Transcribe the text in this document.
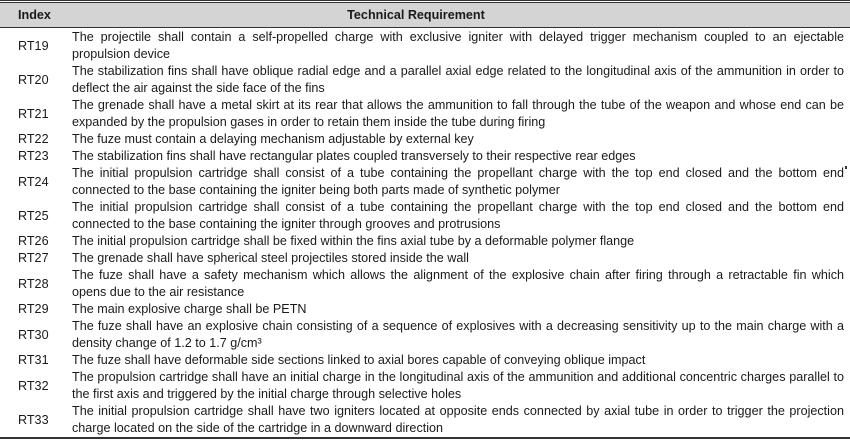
Index	Technical Requirement
RT19	The projectile shall contain a self-propelled charge with exclusive igniter with delayed trigger mechanism coupled to an ejectable propulsion device
RT20	The stabilization fins shall have oblique radial edge and a parallel axial edge related to the longitudinal axis of the ammunition in order to deflect the air against the side face of the fins
RT21	The grenade shall have a metal skirt at its rear that allows the ammunition to fall through the tube of the weapon and whose end can be expanded by the propulsion gases in order to retain them inside the tube during firing
RT22	The fuze must contain a delaying mechanism adjustable by external key
RT23	The stabilization fins shall have rectangular plates coupled transversely to their respective rear edges
RT24	The initial propulsion cartridge shall consist of a tube containing the propellant charge with the top end closed and the bottom end connected to the base containing the igniter being both parts made of synthetic polymer
RT25	The initial propulsion cartridge shall consist of a tube containing the propellant charge with the top end closed and the bottom end connected to the base containing the igniter through grooves and protrusions
RT26	The initial propulsion cartridge shall be fixed within the fins axial tube by a deformable polymer flange
RT27	The grenade shall have spherical steel projectiles stored inside the wall
RT28	The fuze shall have a safety mechanism which allows the alignment of the explosive chain after firing through a retractable fin which opens due to the air resistance
RT29	The main explosive charge shall be PETN
RT30	The fuze shall have an explosive chain consisting of a sequence of explosives with a decreasing sensitivity up to the main charge with a density change of 1.2 to 1.7 g/cm³
RT31	The fuze shall have deformable side sections linked to axial bores capable of conveying oblique impact
RT32	The propulsion cartridge shall have an initial charge in the longitudinal axis of the ammunition and additional concentric charges parallel to the first axis and triggered by the initial charge through selective holes
RT33	The initial propulsion cartridge shall have two igniters located at opposite ends connected by axial tube in order to trigger the projection charge located on the side of the cartridge in a downward direction
